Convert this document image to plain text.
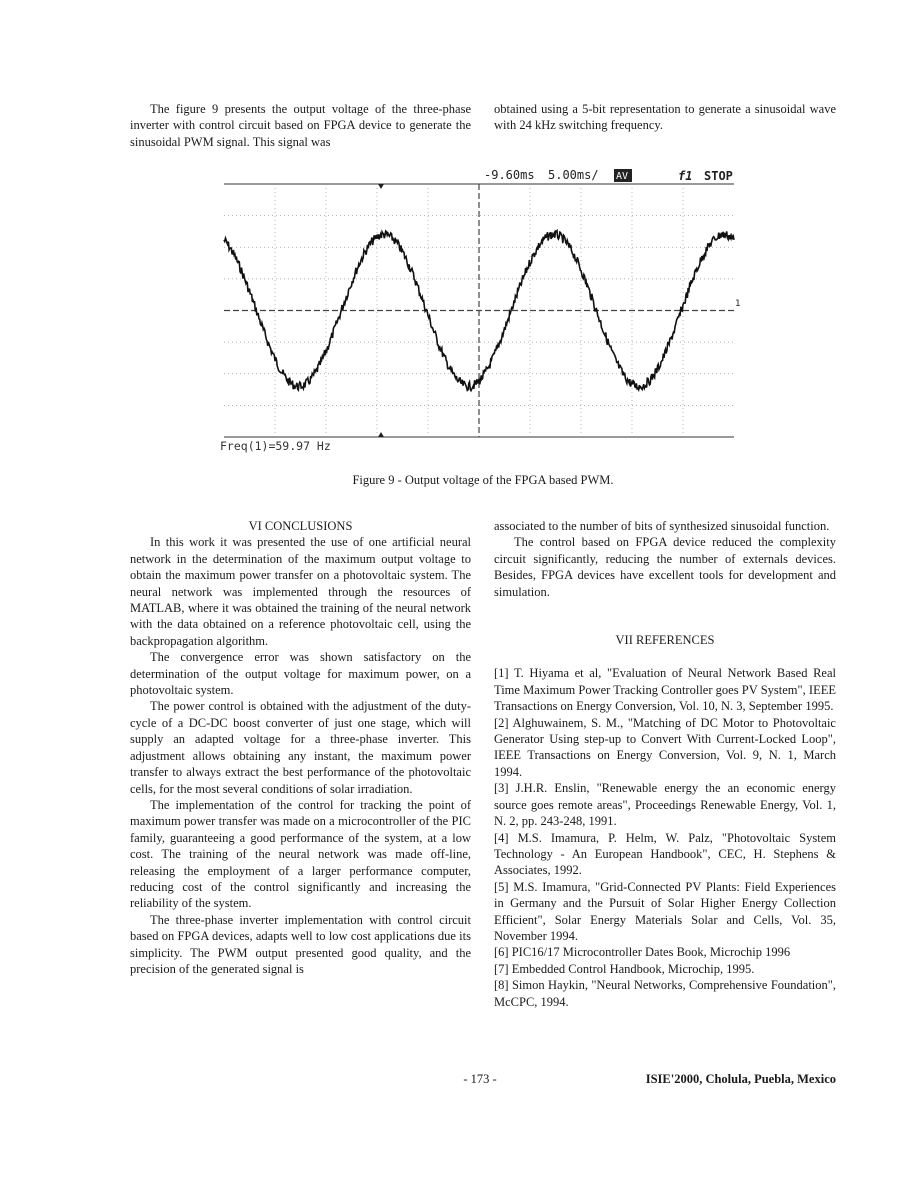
The figure 9 presents the output voltage of the three-phase inverter with control circuit based on FPGA device to generate the sinusoidal PWM signal. This signal was

obtained using a 5-bit representation to generate a sinusoidal wave with 24 kHz switching frequency.

-9.60ms 5.00ms/ AV	f1 STOP
1
Freq(1)=59.97 Hz
Figure 9 - Output voltage of the FPGA based PWM.

VI CONCLUSIONS

In this work it was presented the use of one artificial neural network in the determination of the maximum output voltage to obtain the maximum power transfer on a photovoltaic system. The neural network was implemented through the resources of MATLAB, where it was obtained the training of the neural network with the data obtained on a reference photovoltaic cell, using the backpropagation algorithm.

The convergence error was shown satisfactory on the determination of the output voltage for maximum power, on a photovoltaic system.

The power control is obtained with the adjustment of the duty-cycle of a DC-DC boost converter of just one stage, which will supply an adapted voltage for a three-phase inverter. This adjustment allows obtaining any instant, the maximum power transfer to always extract the best performance of the photovoltaic cells, for the most several conditions of solar irradiation.

The implementation of the control for tracking the point of maximum power transfer was made on a microcontroller of the PIC family, guaranteeing a good performance of the system, at a low cost. The training of the neural network was made off-line, releasing the employment of a larger performance computer, reducing cost of the control significantly and increasing the reliability of the system.

The three-phase inverter implementation with control circuit based on FPGA devices, adapts well to low cost applications due its simplicity. The PWM output presented good quality, and the precision of the generated signal is

associated to the number of bits of synthesized sinusoidal function.

The control based on FPGA device reduced the complexity circuit significantly, reducing the number of externals devices. Besides, FPGA devices have excellent tools for development and simulation.

VII REFERENCES

[1] T. Hiyama et al, "Evaluation of Neural Network Based Real Time Maximum Power Tracking Controller goes PV System", IEEE Transactions on Energy Conversion, Vol. 10, N. 3, September 1995.

[2] Alghuwainem, S. M., "Matching of DC Motor to Photovoltaic Generator Using step-up to Convert With Current-Locked Loop", IEEE Transactions on Energy Conversion, Vol. 9, N. 1, March 1994.

[3] J.H.R. Enslin, "Renewable energy the an economic energy source goes remote areas", Proceedings Renewable Energy, Vol. 1, N. 2, pp. 243-248, 1991.

[4] M.S. Imamura, P. Helm, W. Palz, "Photovoltaic System Technology - An European Handbook", CEC, H. Stephens & Associates, 1992.

[5] M.S. Imamura, "Grid-Connected PV Plants: Field Experiences in Germany and the Pursuit of Solar Higher Energy Collection Efficient", Solar Energy Materials Solar and Cells, Vol. 35, November 1994.

[6] PIC16/17 Microcontroller Dates Book, Microchip 1996

[7] Embedded Control Handbook, Microchip, 1995.

[8] Simon Haykin, "Neural Networks, Comprehensive Foundation", McCPC, 1994.

- 173 -	ISIE'2000, Cholula, Puebla, Mexico
